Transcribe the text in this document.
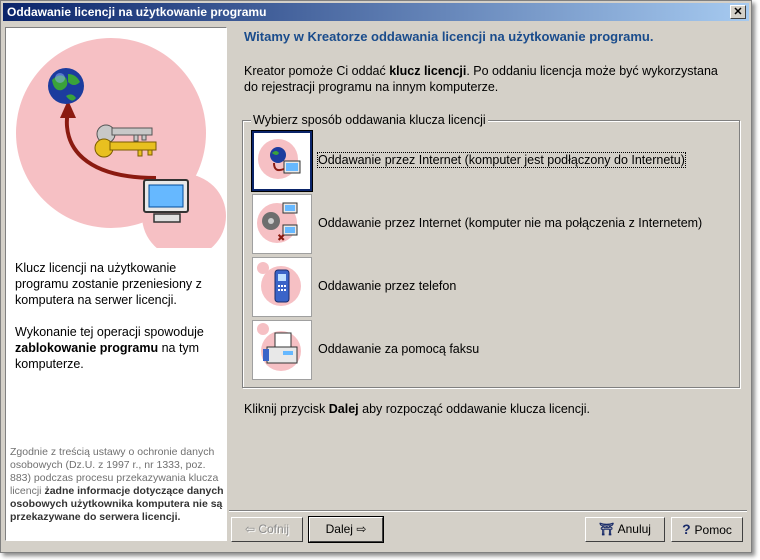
Oddawanie licencji na użytkowanie programu	✕

Klucz licencji na użytkowanie programu zostanie przeniesiony z komputera na serwer licencji.

Wykonanie tej operacji spowoduje zablokowanie programu na tym komputerze.

Zgodnie z treścią ustawy o ochronie danych osobowych (Dz.U. z 1997 r., nr 1333, poz. 883) podczas procesu przekazywania klucza licencji żadne informacje dotyczące danych osobowych użytkownika komputera nie są przekazywane do serwera licencji.
Witamy w Kreatorze oddawania licencji na użytkowanie programu.
Kreator pomoże Ci oddać klucz licencji. Po oddaniu licencja może być wykorzystana do rejestracji programu na innym komputerze.
Wybierz sposób oddawania klucza licencji
Oddawanie przez Internet (komputer jest podłączony do Internetu)
✖
Oddawanie przez Internet (komputer nie ma połączenia z Internetem)
Oddawanie przez telefon
Oddawanie za pomocą faksu
Kliknij przycisk Dalej aby rozpocząć oddawanie klucza licencji.
⇦ Cofnij	Dalej ⇨	⛩ Anuluj	? Pomoc
